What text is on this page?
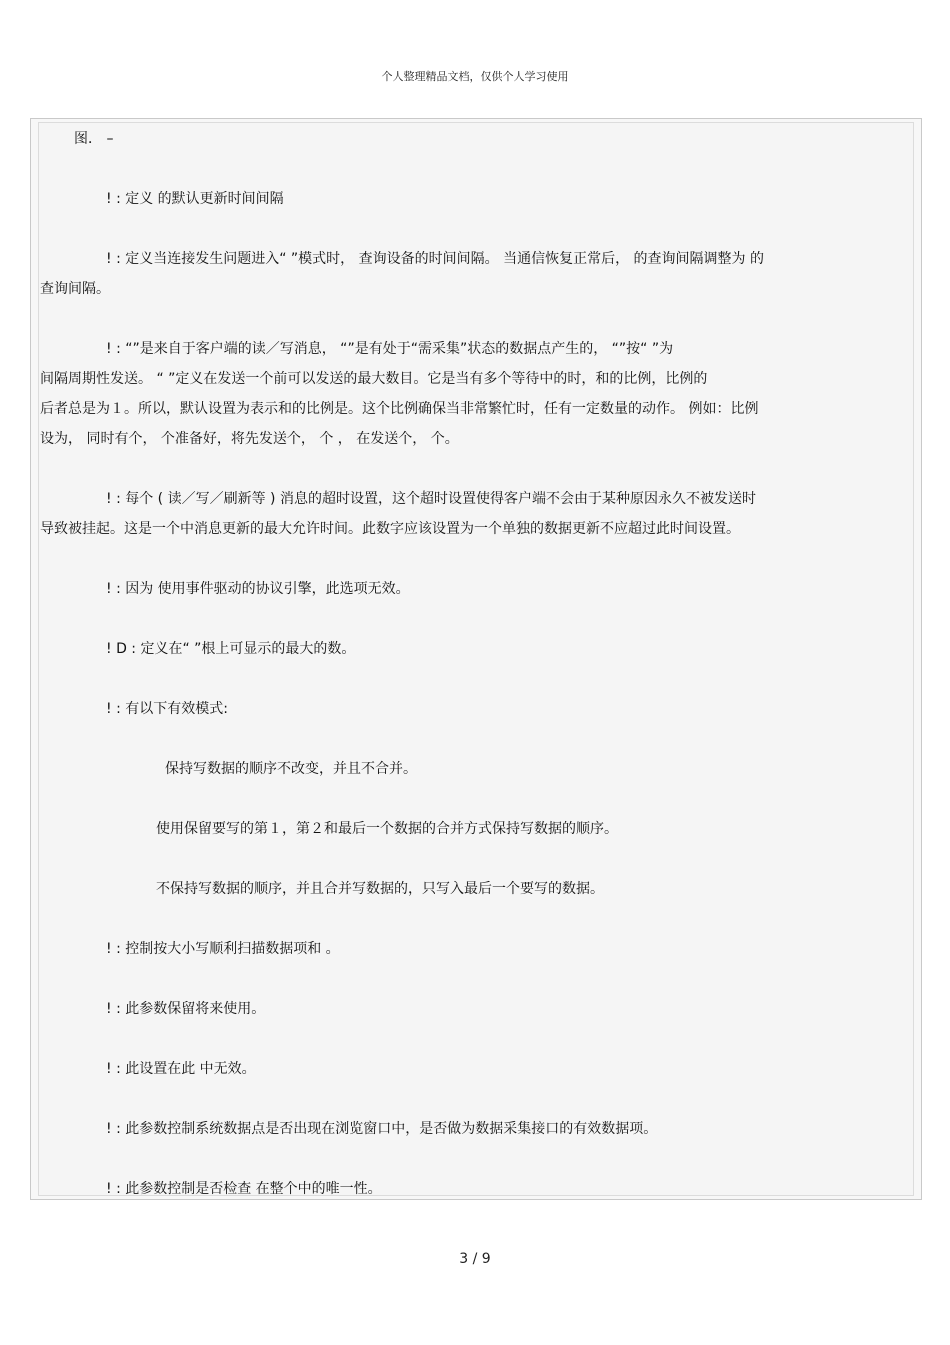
个人整理精品文档，仅供个人学习使用
图． –
! : 定义 的默认更新时间间隔
! : 定义当连接发生问题进入“ ”模式时， 查询设备的时间间隔。 当通信恢复正常后， 的查询间隔调整为 的
查询间隔。
! : “”是来自于客户端的读／写消息， “”是有处于“需采集”状态的数据点产生的， “”按“ ”为
间隔周期性发送。 “ ”定义在发送一个前可以发送的最大数目。它是当有多个等待中的时，和的比例，比例的
后者总是为１。所以，默认设置为表示和的比例是。这个比例确保当非常繁忙时，任有一定数量的动作。 例如：比例
设为， 同时有个， 个准备好，将先发送个， 个 ， 在发送个， 个。
! : 每个 ( 读／写／刷新等 ) 消息的超时设置，这个超时设置使得客户端不会由于某种原因永久不被发送时
导致被挂起。这是一个中消息更新的最大允许时间。此数字应该设置为一个单独的数据更新不应超过此时间设置。
! : 因为 使用事件驱动的协议引擎，此选项无效。
! D : 定义在“ ”根上可显示的最大的数。
! : 有以下有效模式:
保持写数据的顺序不改变，并且不合并。
使用保留要写的第１，第２和最后一个数据的合并方式保持写数据的顺序。
不保持写数据的顺序，并且合并写数据的，只写入最后一个要写的数据。
! : 控制按大小写顺利扫描数据项和 。
! : 此参数保留将来使用。
! : 此设置在此 中无效。
! : 此参数控制系统数据点是否出现在浏览窗口中，是否做为数据采集接口的有效数据项。
! : 此参数控制是否检查 在整个中的唯一性。
3 / 9
